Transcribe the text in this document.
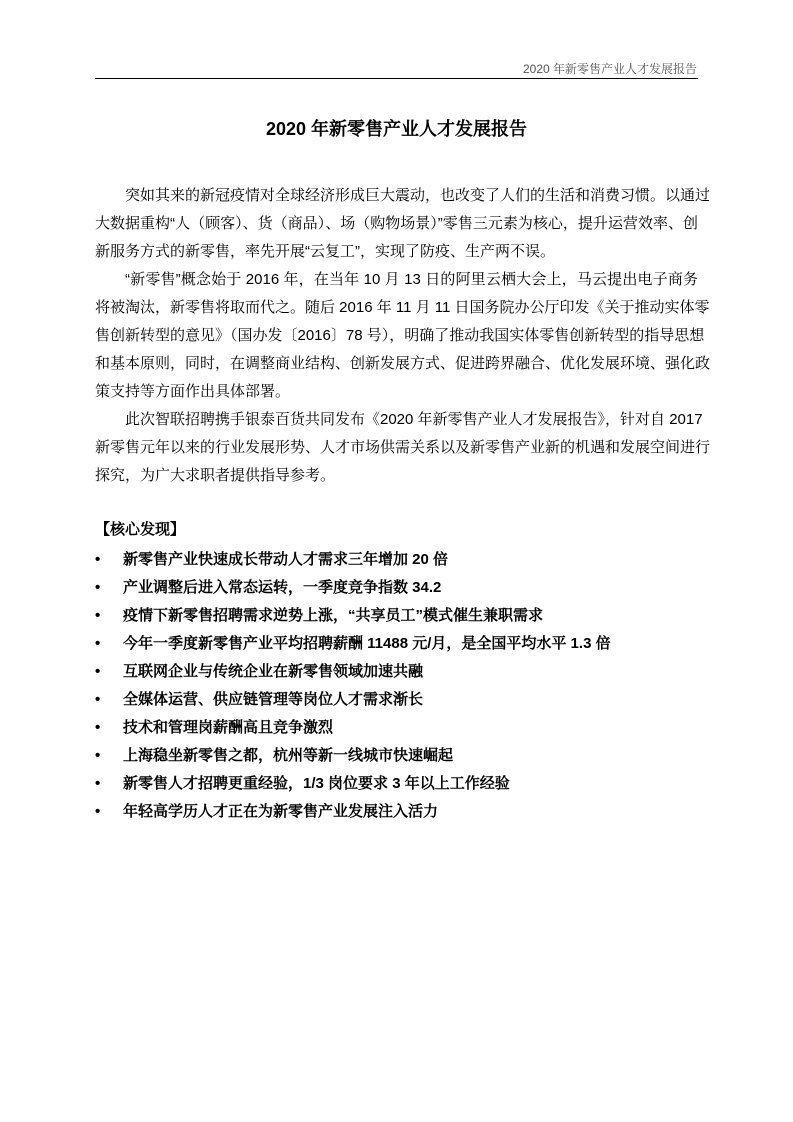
2020 年新零售产业人才发展报告
2020 年新零售产业人才发展报告
突如其来的新冠疫情对全球经济形成巨大震动，也改变了人们的生活和消费习惯。以通过
大数据重构“人（顾客）、货（商品）、场（购物场景）”零售三元素为核心，提升运营效率、创
新服务方式的新零售，率先开展“云复工”，实现了防疫、生产两不误。
“新零售”概念始于 2016 年，在当年 10 月 13 日的阿里云栖大会上，马云提出电子商务
将被淘汰，新零售将取而代之。随后 2016 年 11 月 11 日国务院办公厅印发《关于推动实体零
售创新转型的意见》（国办发〔2016〕78 号），明确了推动我国实体零售创新转型的指导思想
和基本原则，同时，在调整商业结构、创新发展方式、促进跨界融合、优化发展环境、强化政
策支持等方面作出具体部署。
此次智联招聘携手银泰百货共同发布《2020 年新零售产业人才发展报告》，针对自 2017
新零售元年以来的行业发展形势、人才市场供需关系以及新零售产业新的机遇和发展空间进行
探究，为广大求职者提供指导参考。
【核心发现】
•	新零售产业快速成长带动人才需求三年增加 20 倍
•	产业调整后进入常态运转，一季度竞争指数 34.2
•	疫情下新零售招聘需求逆势上涨，“共享员工”模式催生兼职需求
•	今年一季度新零售产业平均招聘薪酬 11488 元/月，是全国平均水平 1.3 倍
•	互联网企业与传统企业在新零售领域加速共融
•	全媒体运营、供应链管理等岗位人才需求渐长
•	技术和管理岗薪酬高且竞争激烈
•	上海稳坐新零售之都，杭州等新一线城市快速崛起
•	新零售人才招聘更重经验，1/3 岗位要求 3 年以上工作经验
•	年轻高学历人才正在为新零售产业发展注入活力
